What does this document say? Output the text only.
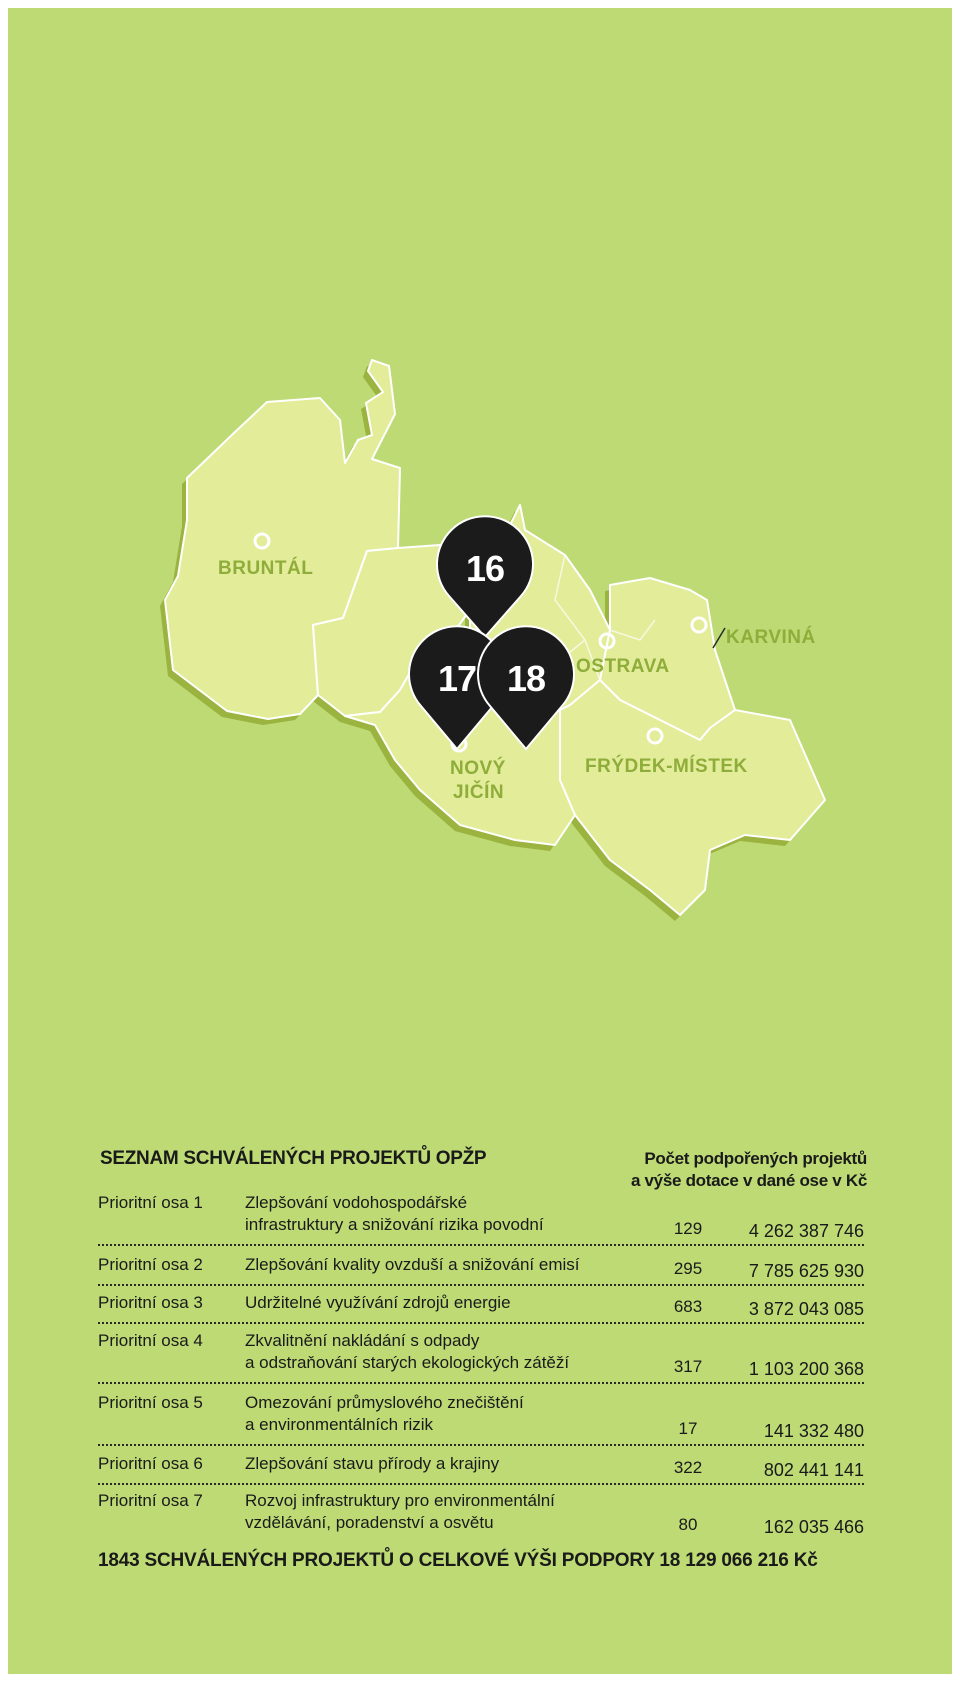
16
17 18
BRUNTÁL
OSTRAVA
KARVINÁ
NOVÝ
JIČÍN
FRÝDEK-MÍSTEK
SEZNAM SCHVÁLENÝCH PROJEKTŮ OPŽP	Počet podpořených projektů
a výše dotace v dané ose v Kč
Prioritní osa 1 Zlepšování vodohospodářské
infrastruktury a snižování rizika povodní	129	4 262 387 746
Prioritní osa 2 Zlepšování kvality ovzduší a snižování emisí	295	7 785 625 930
Prioritní osa 3 Udržitelné využívání zdrojů energie	683	3 872 043 085
Prioritní osa 4 Zkvalitnění nakládání s odpady
a odstraňování starých ekologických zátěží	317	1 103 200 368
Prioritní osa 5 Omezování průmyslového znečištění
a environmentálních rizik	17	141 332 480
Prioritní osa 6 Zlepšování stavu přírody a krajiny	322	802 441 141
Prioritní osa 7 Rozvoj infrastruktury pro environmentální
vzdělávání, poradenství a osvětu	80	162 035 466
1843 SCHVÁLENÝCH PROJEKTŮ O CELKOVÉ VÝŠI PODPORY 18 129 066 216 Kč
